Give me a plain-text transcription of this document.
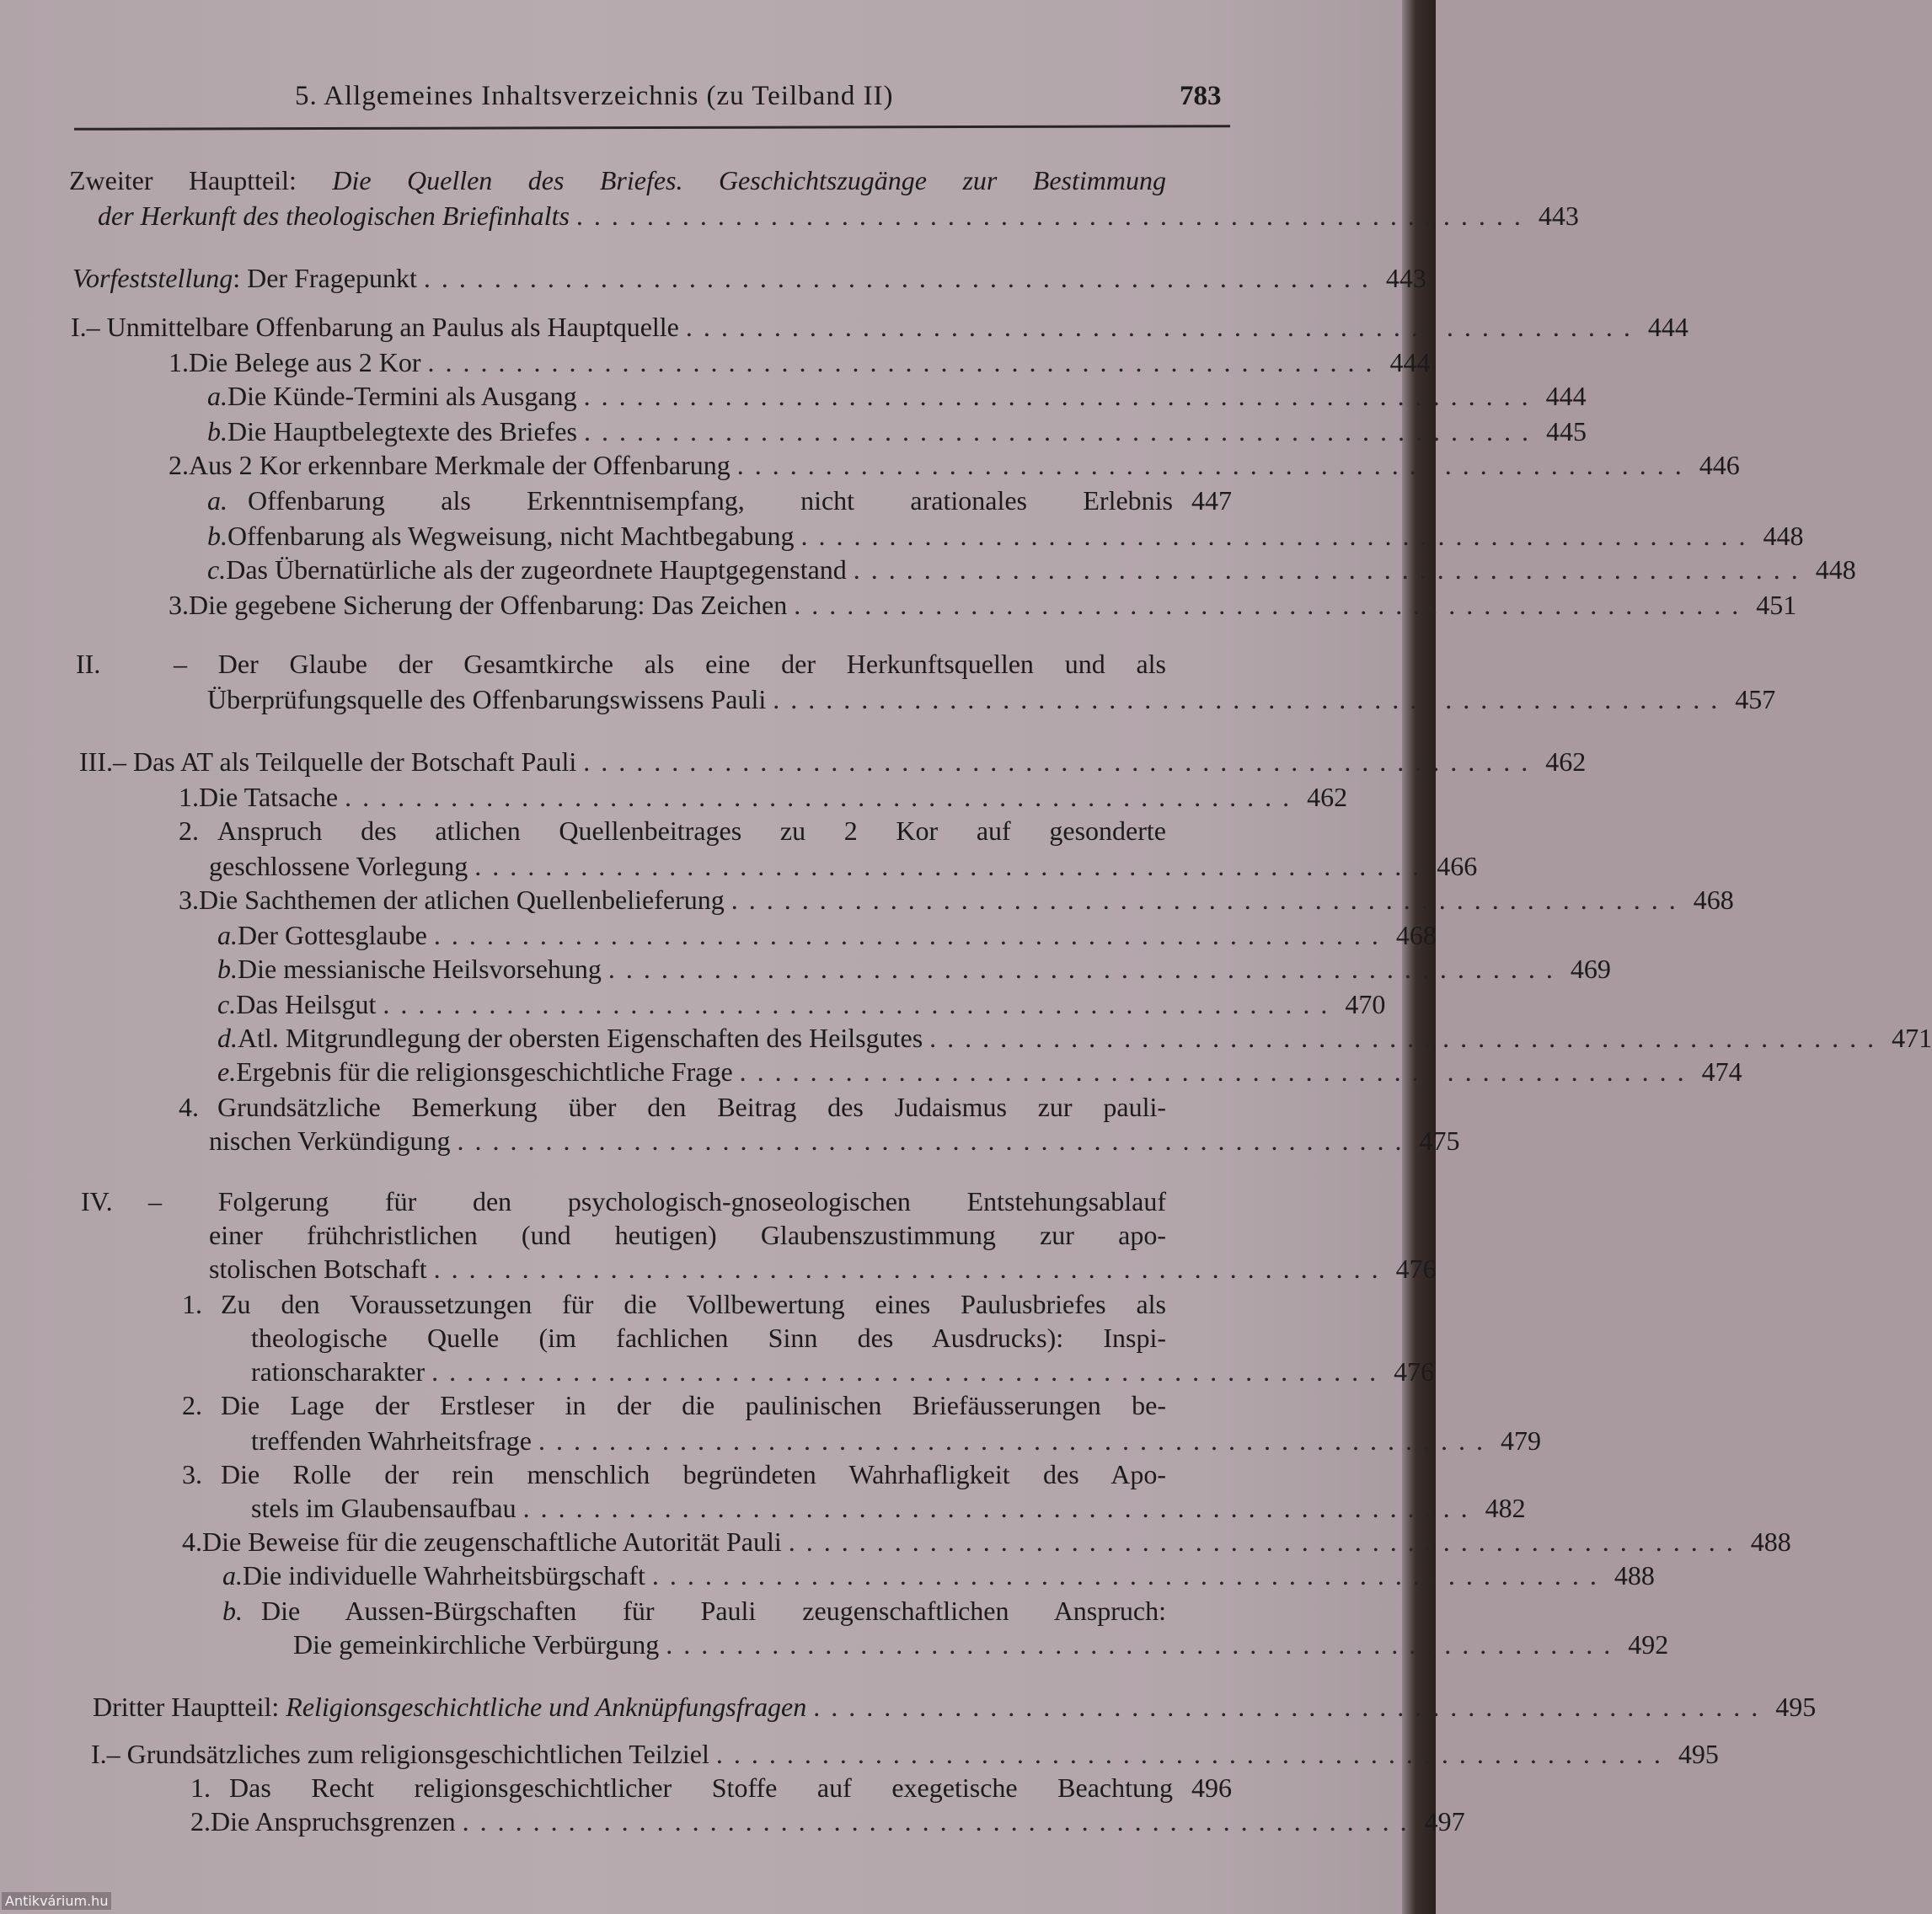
5. Allgemeines Inhaltsverzeichnis (zu Teilband II)	783
Zweiter Hauptteil: Die Quellen des Briefes. Geschichtszugänge zur Bestimmung
der Herkunft des theologischen Briefinhalts ...................................................... 443
Vorfeststellung: Der Fragepunkt ...................................................... 443
I. – Unmittelbare Offenbarung an Paulus als Hauptquelle ...................................................... 444
1. Die Belege aus 2 Kor ...................................................... 444
a. Die Künde-Termini als Ausgang ...................................................... 444
b. Die Hauptbelegtexte des Briefes ...................................................... 445
2. Aus 2 Kor erkennbare Merkmale der Offenbarung ...................................................... 446
a. Offenbarung als Erkenntnisempfang, nicht arationales Erlebnis 447
b. Offenbarung als Wegweisung, nicht Machtbegabung ...................................................... 448
c. Das Übernatürliche als der zugeordnete Hauptgegenstand ...................................................... 448
3. Die gegebene Sicherung der Offenbarung: Das Zeichen ...................................................... 451
II.	– Der Glaube der Gesamtkirche als eine der Herkunftsquellen und als
Überprüfungsquelle des Offenbarungswissens Pauli ...................................................... 457
III. – Das AT als Teilquelle der Botschaft Pauli ...................................................... 462
1. Die Tatsache ...................................................... 462
2. Anspruch des atlichen Quellenbeitrages zu 2 Kor auf gesonderte
geschlossene Vorlegung ...................................................... 466
3. Die Sachthemen der atlichen Quellenbelieferung ...................................................... 468
a. Der Gottesglaube ...................................................... 468
b. Die messianische Heilsvorsehung ...................................................... 469
c. Das Heilsgut ...................................................... 470
d. Atl. Mitgrundlegung der obersten Eigenschaften des Heilsgutes ...................................................... 471
e. Ergebnis für die religionsgeschichtliche Frage ...................................................... 474
4. Grundsätzliche Bemerkung über den Beitrag des Judaismus zur pauli-
nischen Verkündigung ...................................................... 475
IV.	– Folgerung für den psychologisch-gnoseologischen Entstehungsablauf
einer frühchristlichen (und heutigen) Glaubenszustimmung zur apo-
stolischen Botschaft ...................................................... 476
1. Zu den Voraussetzungen für die Vollbewertung eines Paulusbriefes als
theologische Quelle (im fachlichen Sinn des Ausdrucks): Inspi-
rationscharakter ...................................................... 476
2. Die Lage der Erstleser in der die paulinischen Briefäusserungen be-
treffenden Wahrheitsfrage ...................................................... 479
3. Die Rolle der rein menschlich begründeten Wahrhafligkeit des Apo-
stels im Glaubensaufbau ...................................................... 482
4. Die Beweise für die zeugenschaftliche Autorität Pauli ...................................................... 488
a. Die individuelle Wahrheitsbürgschaft ...................................................... 488
b. Die Aussen-Bürgschaften für Pauli zeugenschaftlichen Anspruch:
Die gemeinkirchliche Verbürgung ...................................................... 492
Dritter Hauptteil: Religionsgeschichtliche und Anknüpfungsfragen ...................................................... 495
I. – Grundsätzliches zum religionsgeschichtlichen Teilziel ...................................................... 495
1. Das Recht religionsgeschichtlicher Stoffe auf exegetische Beachtung 496
2. Die Anspruchsgrenzen ...................................................... 497
Antikvárium.hu
